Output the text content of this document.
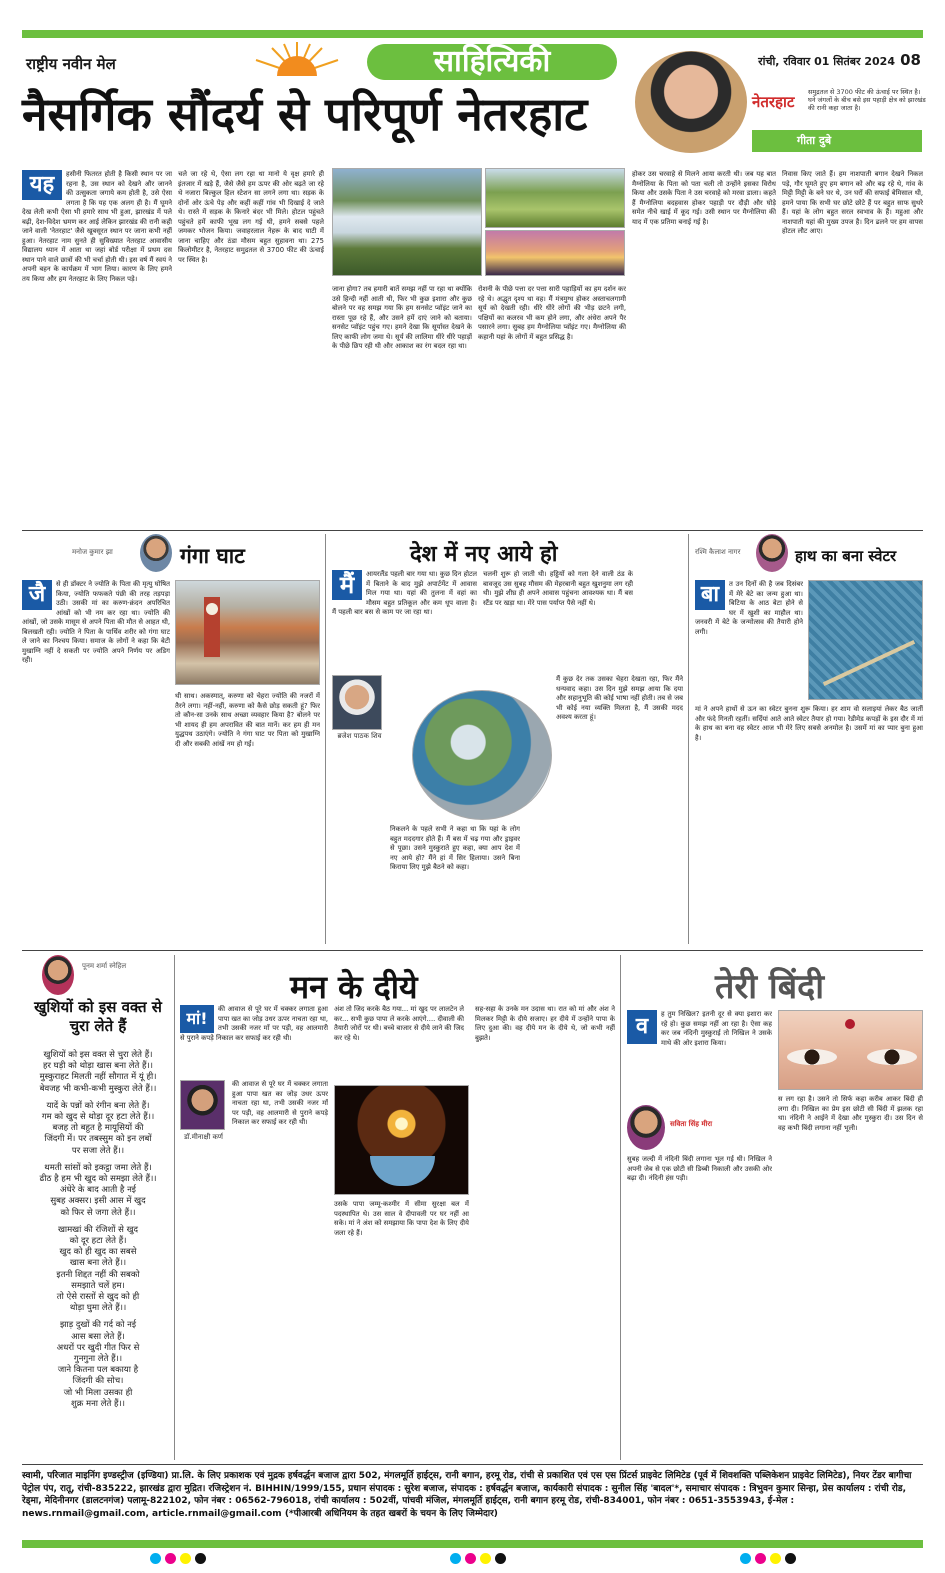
राष्ट्रीय नवीन मेल	साहित्यिकी	रांची, रविवार 01 सितंबर 2024 08
नैसर्गिक सौंदर्य से परिपूर्ण नेतरहाट	नेतरहाट
समुद्रतल से 3700 फीट की ऊंचाई पर स्थित है। घने जंगलों के बीच बसे इस पहाड़ी क्षेत्र को झारखंड की रानी कहा जाता है।
गीता दुबे
यह	हसीनी फितरत होती है किसी स्थान पर जा रहना है, उस स्थान को देखने और जानने की उत्सुकता जगाये कम होती है, उसे ऐसा लगता है कि यह एक अलग ही है। मैं घूमने देख लेती कभी ऐसा भी हमारे साथ भी हुआ, झारखंड में पले बढ़ी, देश-विदेश भ्रमण कर आई लेकिन झारखंड की रानी कही जाने वाली 'नेतरहाट' जैसे खूबसूरत स्थान पर जाना कभी नहीं हुआ। नेतरहाट नाम सुनते ही सुविख्यात नेतरहाट आवासीय विद्यालय ध्यान में आता था जहां बोर्ड परीक्षा में प्रथम दस स्थान पाने वाले छात्रों की भी चर्चा होती थी। इस वर्ष मैं स्वयं ने अपनी बहन के कार्यक्रम में भाग लिया। कारण के लिए हमने तय किया और हम नेतरहाट के लिए निकल पड़े।
चले जा रहे थे, ऐसा लग रहा था मानो ये वृक्ष हमारे ही इंतजार में खड़े हैं, जैसे जैसे हम ऊपर की ओर बढ़ते जा रहे थे नजारा बिल्कुल हिल स्टेशन सा लगने लगा था। सड़क के दोनों ओर ऊंचे पेड़ और कहीं कहीं गांव भी दिखाई दे जाते थे। रास्ते में सड़क के किनारे बंदर भी मिले। होटल पहुंचते पहुंचते हमें काफी भूख लग गई थी, हमने सबसे पहले जमकर भोजन किया। जवाहरलाल नेहरू के बाद घाटी में जाना चाहिए और ठंडा मौसम बहुत सुहावना था। 275 किलोमीटर है, नेतरहाट समुद्रतल से 3700 फीट की ऊंचाई पर स्थित है।
जाना होगा? तब हमारी बातें समझ नहीं पा रहा था क्योंकि उसे हिन्दी नहीं आती थी, फिर भी कुछ इशारा और कुछ बोलने पर वह समझ गया कि हम सनसेट प्वॉइंट जाने का रास्ता पूछ रहे हैं, और उसने हमें दाएं जाने को बताया। सनसेट प्वॉइंट पहुंच गए। हमने देखा कि सूर्यास्त देखने के लिए काफी लोग जमा थे। सूर्य की लालिमा धीरे धीरे पहाड़ों के पीछे छिप रही थी और आकाश का रंग बदल रहा था।
रोशनी के पीछे पत्ता दर पत्ता सारी पहाड़ियों का हम दर्शन कर रहे थे। अद्भुत दृश्य था वह। मैं मंत्रमुग्ध होकर अस्ताचलगामी सूर्य को देखती रही। धीरे धीरे लोगों की भीड़ छटने लगी, पक्षियों का कलरव भी कम होने लगा, और अंधेरा अपने पैर पसारने लगा। सुबह हम मैग्नोलिया प्वॉइंट गए। मैग्नोलिया की कहानी यहां के लोगों में बहुत प्रसिद्ध है।
होकर उस चरवाहे से मिलने आया करती थी। जब यह बात मैग्नोलिया के पिता को पता चली तो उन्होंने इसका विरोध किया और उसके पिता ने उस चरवाहे को मरवा डाला। कहते हैं मैग्नोलिया बदहवास होकर पहाड़ी पर दौड़ी और घोड़े समेत नीचे खाई में कूद गई। उसी स्थान पर मैग्नोलिया की याद में एक प्रतिमा बनाई गई है।
निवास किए जाते हैं। हम नाशपाती बगान देखने निकल पड़े, गौर घूमते हुए हम बगान को और बढ़ रहे थे, गांव के मिट्टी मिट्टी के बने घर थे, उन घरों की सफाई बेमिसाल थी, हमने पाया कि सभी घर छोटे छोटे हैं पर बहुत साफ सुथरे हैं। यहां के लोग बहुत सरल स्वभाव के हैं। महुआ और नाशपाती यहां की मुख्य उपज है। दिन ढलने पर हम वापस होटल लौट आए।
मनोज कुमार झा	गंगा घाट
जै	से ही डॉक्टर ने ज्योति के पिता की मृत्यु घोषित किया, ज्योति फफकते पंछी की तरह तड़पड़ा उठी। उसकी मां का करुण-क्रंदन अपरिचित आंखों को भी नम कर रहा था। ज्योति की आंखों, जो उसके मासूम से अपने पिता की मौत से आहत थी, बिलखती रही। ज्योति ने पिता के पार्थिव शरीर को गंगा घाट ले जाने का निश्चय किया। समाज के लोगों ने कहा कि बेटी मुखाग्नि नहीं दे सकती पर ज्योति अपने निर्णय पर अडिग रही।
थी साथ। अकस्मात्, करुणा को चेहरा ज्योति की नजरों में तैरने लगा। नहीं-नहीं, करुणा को कैसे छोड़ सकती हूं? फिर तो कौन-सा उनके साथ अच्छा व्यवहार किया है? बोलने पर भी शायद ही हम अपरावित की बात मानें। कर हम ही मन युद्धपथ उठाएंगे। ज्योति ने गंगा घाट पर पिता को मुखाग्नि दी और सबकी आंखें नम हो गईं।
देश में नए आये हो
मैं	आयरलैंड पहली बार गया था। कुछ दिन होटल में बिताने के बाद मुझे अपार्टमेंट में आवास मिल गया था। यहां की तुलना में वहां का मौसम बहुत प्रतिकूल और कम धूप वाला है। मैं पहली बार बस से काम पर जा रहा था।
चलनी शुरू हो जाती थी। हड्डियों को गला देने वाली ठंड के बावजूद उस सुबह मौसम की मेहरबानी बहुत खुशनुमा लग रही थी। मुझे शीघ्र ही अपने आवास पहुंचना आवश्यक था। मैं बस स्टैंड पर खड़ा था। मेरे पास पर्याप्त पैसे नहीं थे।
ब्रजेश पाठक शिव
निकलने के पहले सभी ने कहा था कि यहां के लोग बहुत मददगार होते हैं। मैं बस में चढ़ गया और ड्राइवर से पूछा। उसने मुस्कुराते हुए कहा, क्या आप देश में नए आये हो? मैंने हां में सिर हिलाया। उसने बिना किराया लिए मुझे बैठने को कहा।
मैं कुछ देर तक उसका चेहरा देखता रहा, फिर मैंने धन्यवाद कहा। उस दिन मुझे समझ आया कि दया और सहानुभूति की कोई भाषा नहीं होती। तब से जब भी कोई नया व्यक्ति मिलता है, मैं उसकी मदद अवश्य करता हूं।
रश्मि कैलाश नागर	हाथ का बना स्वेटर
बा	त उन दिनों की है जब दिसंबर में मेरे बेटे का जन्म हुआ था। बिटिया के आठ बेटा होने से घर में खुशी का माहौल था। जनवरी में बेटे के जन्मोत्सव की तैयारी होने लगी।
मां ने अपने हाथों से ऊन का स्वेटर बुनना शुरू किया। हर शाम वो सलाइयां लेकर बैठ जातीं और फंदे गिनती रहतीं। सर्दियां आते आते स्वेटर तैयार हो गया। रेडीमेड कपड़ों के इस दौर में मां के हाथ का बना वह स्वेटर आज भी मेरे लिए सबसे अनमोल है। उसमें मां का प्यार बुना हुआ है।
पूनम शर्मा स्नेहिल
खुशियों को इस वक्त से चुरा लेते हैं
खुशियों को इस वक्त से चुरा लेते हैं।
हर घड़ी को थोड़ा खास बना लेते हैं।।
मुस्कुराहट मिलती नहीं सौगात में यूं ही।
बेवजह भी कभी-कभी मुस्कुरा लेते हैं।।

यादें के पन्नों को रंगीन बना लेते हैं।
गम को खुद से थोड़ा दूर हटा लेते हैं।।
बजह तो बहुत है मायूसियों की
जिंदगी में। पर तबस्सुम को इन लबों
पर सजा लेते हैं।।

थमती सांसों को इकट्ठा जमा लेते हैं।
ढीठ है हम भी खुद को समझा लेते हैं।।
अंधेरे के बाद आती है नई
सुबह अक्सर। इसी आस में खुद
को फिर से जगा लेते हैं।।

खामखां की रंजिशों से खुद
को दूर हटा लेते हैं।
खुद को ही खुद का सबसे
खास बना लेते हैं।।
इतनी शिद्दत नहीं की सबको
समझाते चलें हम।
तो ऐसे रास्तों से खुद को ही
थोड़ा घुमा लेते हैं।।

झाड़ दुखों की गर्द को नई
आस बसा लेते हैं।
अधरों पर खुदी गीत फिर से
गुनगुना लेते हैं।।
जाने कितना पल बकाया है
जिंदगी की सोच।
जो भी मिला उसका ही
शुक्र मना लेते हैं।।
मन के दीये
मां!	की आवाज से पूरे घर में चक्कर लगाता हुआ पापा खत का जोड़ उधर ऊपर नाचता रहा था, तभी उसकी नजर माँ पर पड़ी, वह आलमारी से पुराने कपड़े निकाल कर सफाई कर रही थी।
डॉ.मीनाक्षी कर्ण
की आवाज से पूरे घर में चक्कर लगाता हुआ पापा खत का जोड़ उधर ऊपर नाचता रहा था, तभी उसकी नजर माँ पर पड़ी, वह आलमारी से पुराने कपड़े निकाल कर सफाई कर रही थी।
अंश तो जिद करके बैठ गया... मां खुद पर लालटेन ले कर... सभी कुछ पापा ले करके आएंगे.... दीवाली की तैयारी जोरों पर थी। बच्चे बाजार से दीये लाने की जिद कर रहे थे।
उसके पापा जम्मू-कश्मीर में सीमा सुरक्षा बल में पदस्थापित थे। उस साल वे दीपावली पर घर नहीं आ सके। मां ने अंश को समझाया कि पापा देश के लिए दीये जला रहे हैं।
सह-सहा के उनके मन उदास था। रात को मां और अंश ने मिलकर मिट्टी के दीये सजाए। हर दीये में उन्होंने पापा के लिए दुआ की। वह दीये मन के दीये थे, जो कभी नहीं बुझते।
तेरी बिंदी
व	ह तुम निखिल? इतनी दूर से क्या इशारा कर रहे हो। कुछ समझ नहीं आ रहा है। ऐसा कह कर जब नंदिनी मुस्कुराई तो निखिल ने उसके माथे की ओर इशारा किया।
सविता सिंह मीरा
सुबह जल्दी में नंदिनी बिंदी लगाना भूल गई थी। निखिल ने अपनी जेब से एक छोटी सी डिब्बी निकाली और उसकी ओर बढ़ा दी। नंदिनी हंस पड़ी।
स लग रहा है। उसने तो सिर्फ कहा करीब आकर बिंदी ही लगा दी। निखिल का प्रेम इस छोटी सी बिंदी में झलक रहा था। नंदिनी ने आईने में देखा और मुस्कुरा दी। उस दिन से वह कभी बिंदी लगाना नहीं भूली।
स्वामी, परिजात माइनिंग इण्डस्ट्रीज (इण्डिया) प्रा.लि. के लिए प्रकाशक एवं मुद्रक हर्षवर्द्धन बजाज द्वारा 502, मंगलमूर्ति हाईट्स, रानी बगान, हरमू रोड, रांची से प्रकाशित एवं एस एस प्रिंटर्स प्राइवेट लिमिटेड (पूर्व में शिवशक्ति पब्लिकेशन प्राइवेट लिमिटेड), नियर टेंडर बागीचा पेट्रोल पंप, रातू, रांची-835222, झारखंड द्वारा मुद्रित। रजिस्ट्रेशन नं. BIHHIN/1999/155, प्रधान संपादक : सुरेश बजाज, संपादक : हर्षवर्द्धन बजाज, कार्यकारी संपादक : सुनील सिंह 'बादल'*, समाचार संपादक : त्रिभुवन कुमार सिन्हा, प्रेस कार्यालय : रांची रोड, रेड्मा, मेदिनीनगर (डालटनगंज) पलामू-822102, फोन नंबर : 06562-796018, रांची कार्यालय : 502वीं, पांचवी मंजिल, मंगलमूर्ति हाईट्स, रानी बगान हरमू रोड, रांची-834001, फोन नंबर : 0651-3553943, ई-मेल : news.rnmail@gmail.com, article.rnmail@gmail.com (*पीआरबी अधिनियम के तहत खबरों के चयन के लिए जिम्मेदार)
